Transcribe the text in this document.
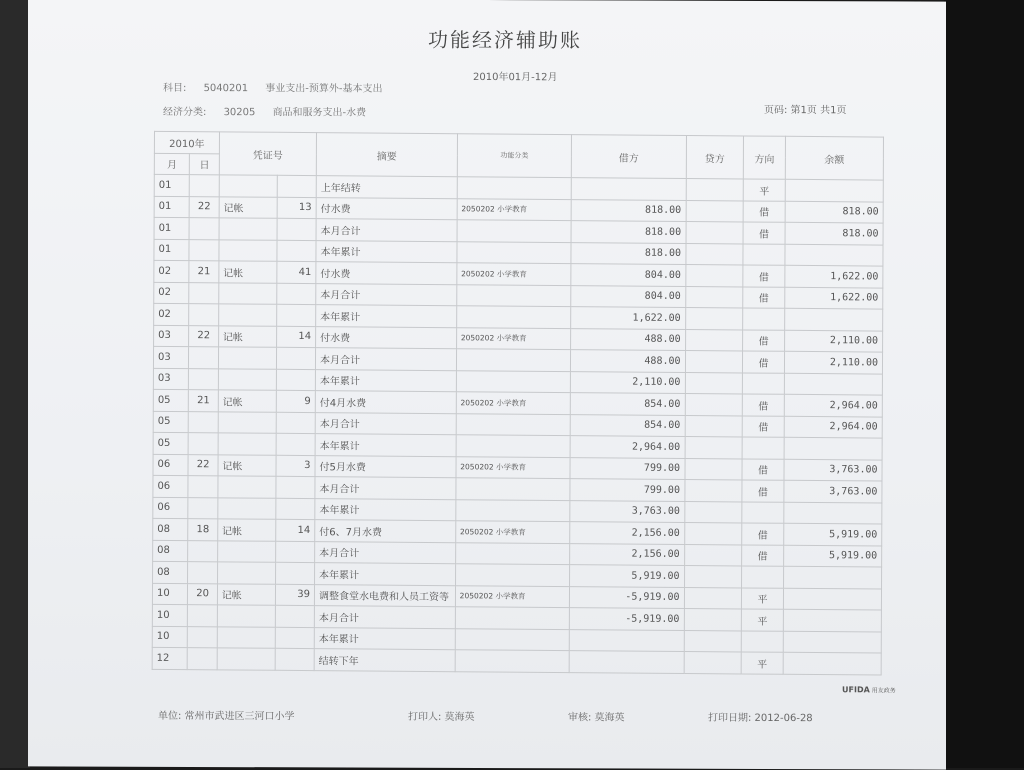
功能经济辅助账
2010年01月-12月
科目: 5040201 事业支出-预算外-基本支出
经济分类: 30205 商品和服务支出-水费	页码: 第1页 共1页
2010年		凭证号		摘要	功能分类	借方	贷方	方向	余额
月	日								
01				上年结转				平	
01	22	记帐	13	付水费	2050202 小学教育	818.00		借	818.00
01				本月合计		818.00		借	818.00
01				本年累计		818.00			
02	21	记帐	41	付水费	2050202 小学教育	804.00		借	1,622.00
02				本月合计		804.00		借	1,622.00
02				本年累计		1,622.00			
03	22	记帐	14	付水费	2050202 小学教育	488.00		借	2,110.00
03				本月合计		488.00		借	2,110.00
03				本年累计		2,110.00			
05	21	记帐	9	付4月水费	2050202 小学教育	854.00		借	2,964.00
05				本月合计		854.00		借	2,964.00
05				本年累计		2,964.00			
06	22	记帐	3	付5月水费	2050202 小学教育	799.00		借	3,763.00
06				本月合计		799.00		借	3,763.00
06				本年累计		3,763.00			
08	18	记帐	14	付6、7月水费	2050202 小学教育	2,156.00		借	5,919.00
08				本月合计		2,156.00		借	5,919.00
08				本年累计		5,919.00			
10	20	记帐	39	调整食堂水电费和人员工资等	2050202 小学教育	-5,919.00		平	
10				本月合计		-5,919.00		平	
10				本年累计					
12				结转下年				平	
UFIDA 用友政务
单位: 常州市武进区三河口小学	打印人: 莫海英	审核: 莫海英	打印日期: 2012-06-28
